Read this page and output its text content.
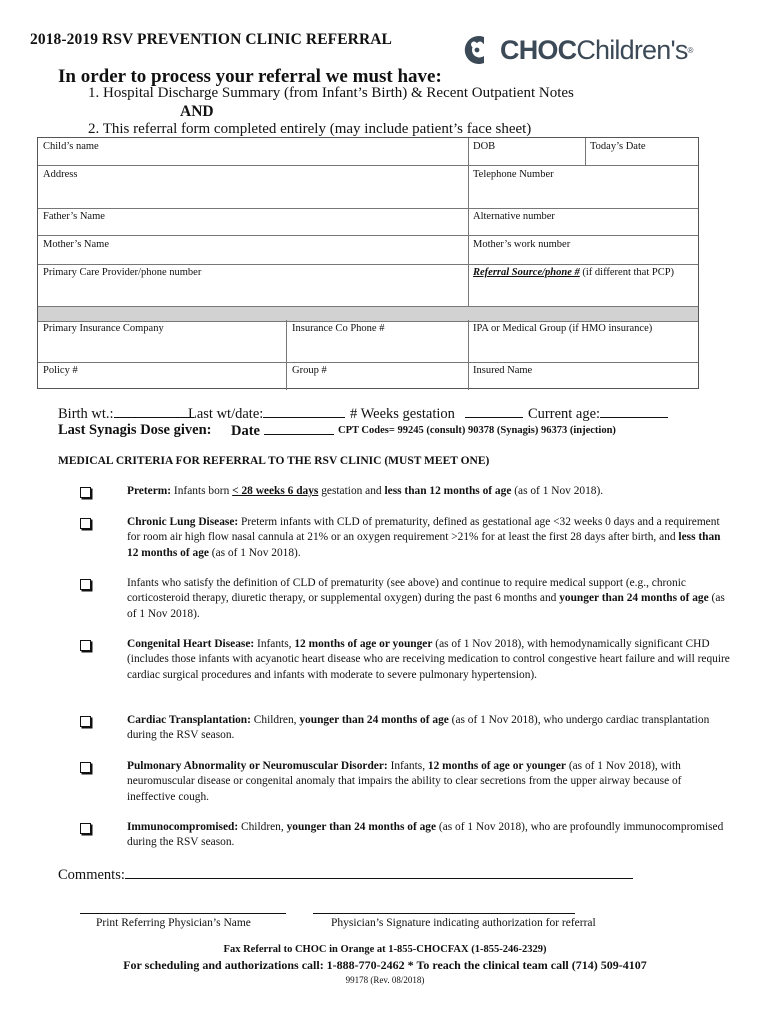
2018-2019 RSV PREVENTION CLINIC REFERRAL	CHOCChildren's ®
In order to process your referral we must have:
1. Hospital Discharge Summary (from Infant’s Birth) & Recent Outpatient Notes
AND
2. This referral form completed entirely (may include patient’s face sheet)
Child’s name	DOB	Today’s Date
Address	Telephone Number
Father’s Name	Alternative number
Mother’s Name	Mother’s work number
Primary Care Provider/phone number	Referral Source/phone # (if different that PCP)
Primary Insurance Company	Insurance Co Phone #	IPA or Medical Group (if HMO insurance)
Policy #	Group #	Insured Name
Birth wt.:	Last wt/date:	# Weeks gestation	Current age:
Last Synagis Dose given: Date	CPT Codes= 99245 (consult) 90378 (Synagis) 96373 (injection)
MEDICAL CRITERIA FOR REFERRAL TO THE RSV CLINIC (MUST MEET ONE)
Preterm: Infants born < 28 weeks 6 days gestation and less than 12 months of age (as of 1 Nov 2018).
Chronic Lung Disease: Preterm infants with CLD of prematurity, defined as gestational age <32 weeks 0 days and a requirement for room air high flow nasal cannula at 21% or an oxygen requirement >21% for at least the first 28 days after birth, and less than 12 months of age (as of 1 Nov 2018).
Infants who satisfy the definition of CLD of prematurity (see above) and continue to require medical support (e.g., chronic corticosteroid therapy, diuretic therapy, or supplemental oxygen) during the past 6 months and younger than 24 months of age (as of 1 Nov 2018).
Congenital Heart Disease: Infants, 12 months of age or younger (as of 1 Nov 2018), with hemodynamically significant CHD (includes those infants with acyanotic heart disease who are receiving medication to control congestive heart failure and will require cardiac surgical procedures and infants with moderate to severe pulmonary hypertension).
Cardiac Transplantation: Children, younger than 24 months of age (as of 1 Nov 2018), who undergo cardiac transplantation during the RSV season.
Pulmonary Abnormality or Neuromuscular Disorder: Infants, 12 months of age or younger (as of 1 Nov 2018), with neuromuscular disease or congenital anomaly that impairs the ability to clear secretions from the upper airway because of ineffective cough.
Immunocompromised: Children, younger than 24 months of age (as of 1 Nov 2018), who are profoundly immunocompromised during the RSV season.
Comments:
Print Referring Physician’s Name	Physician’s Signature indicating authorization for referral
Fax Referral to CHOC in Orange at 1-855-CHOCFAX (1-855-246-2329)
For scheduling and authorizations call: 1-888-770-2462 * To reach the clinical team call (714) 509-4107
99178 (Rev. 08/2018)
